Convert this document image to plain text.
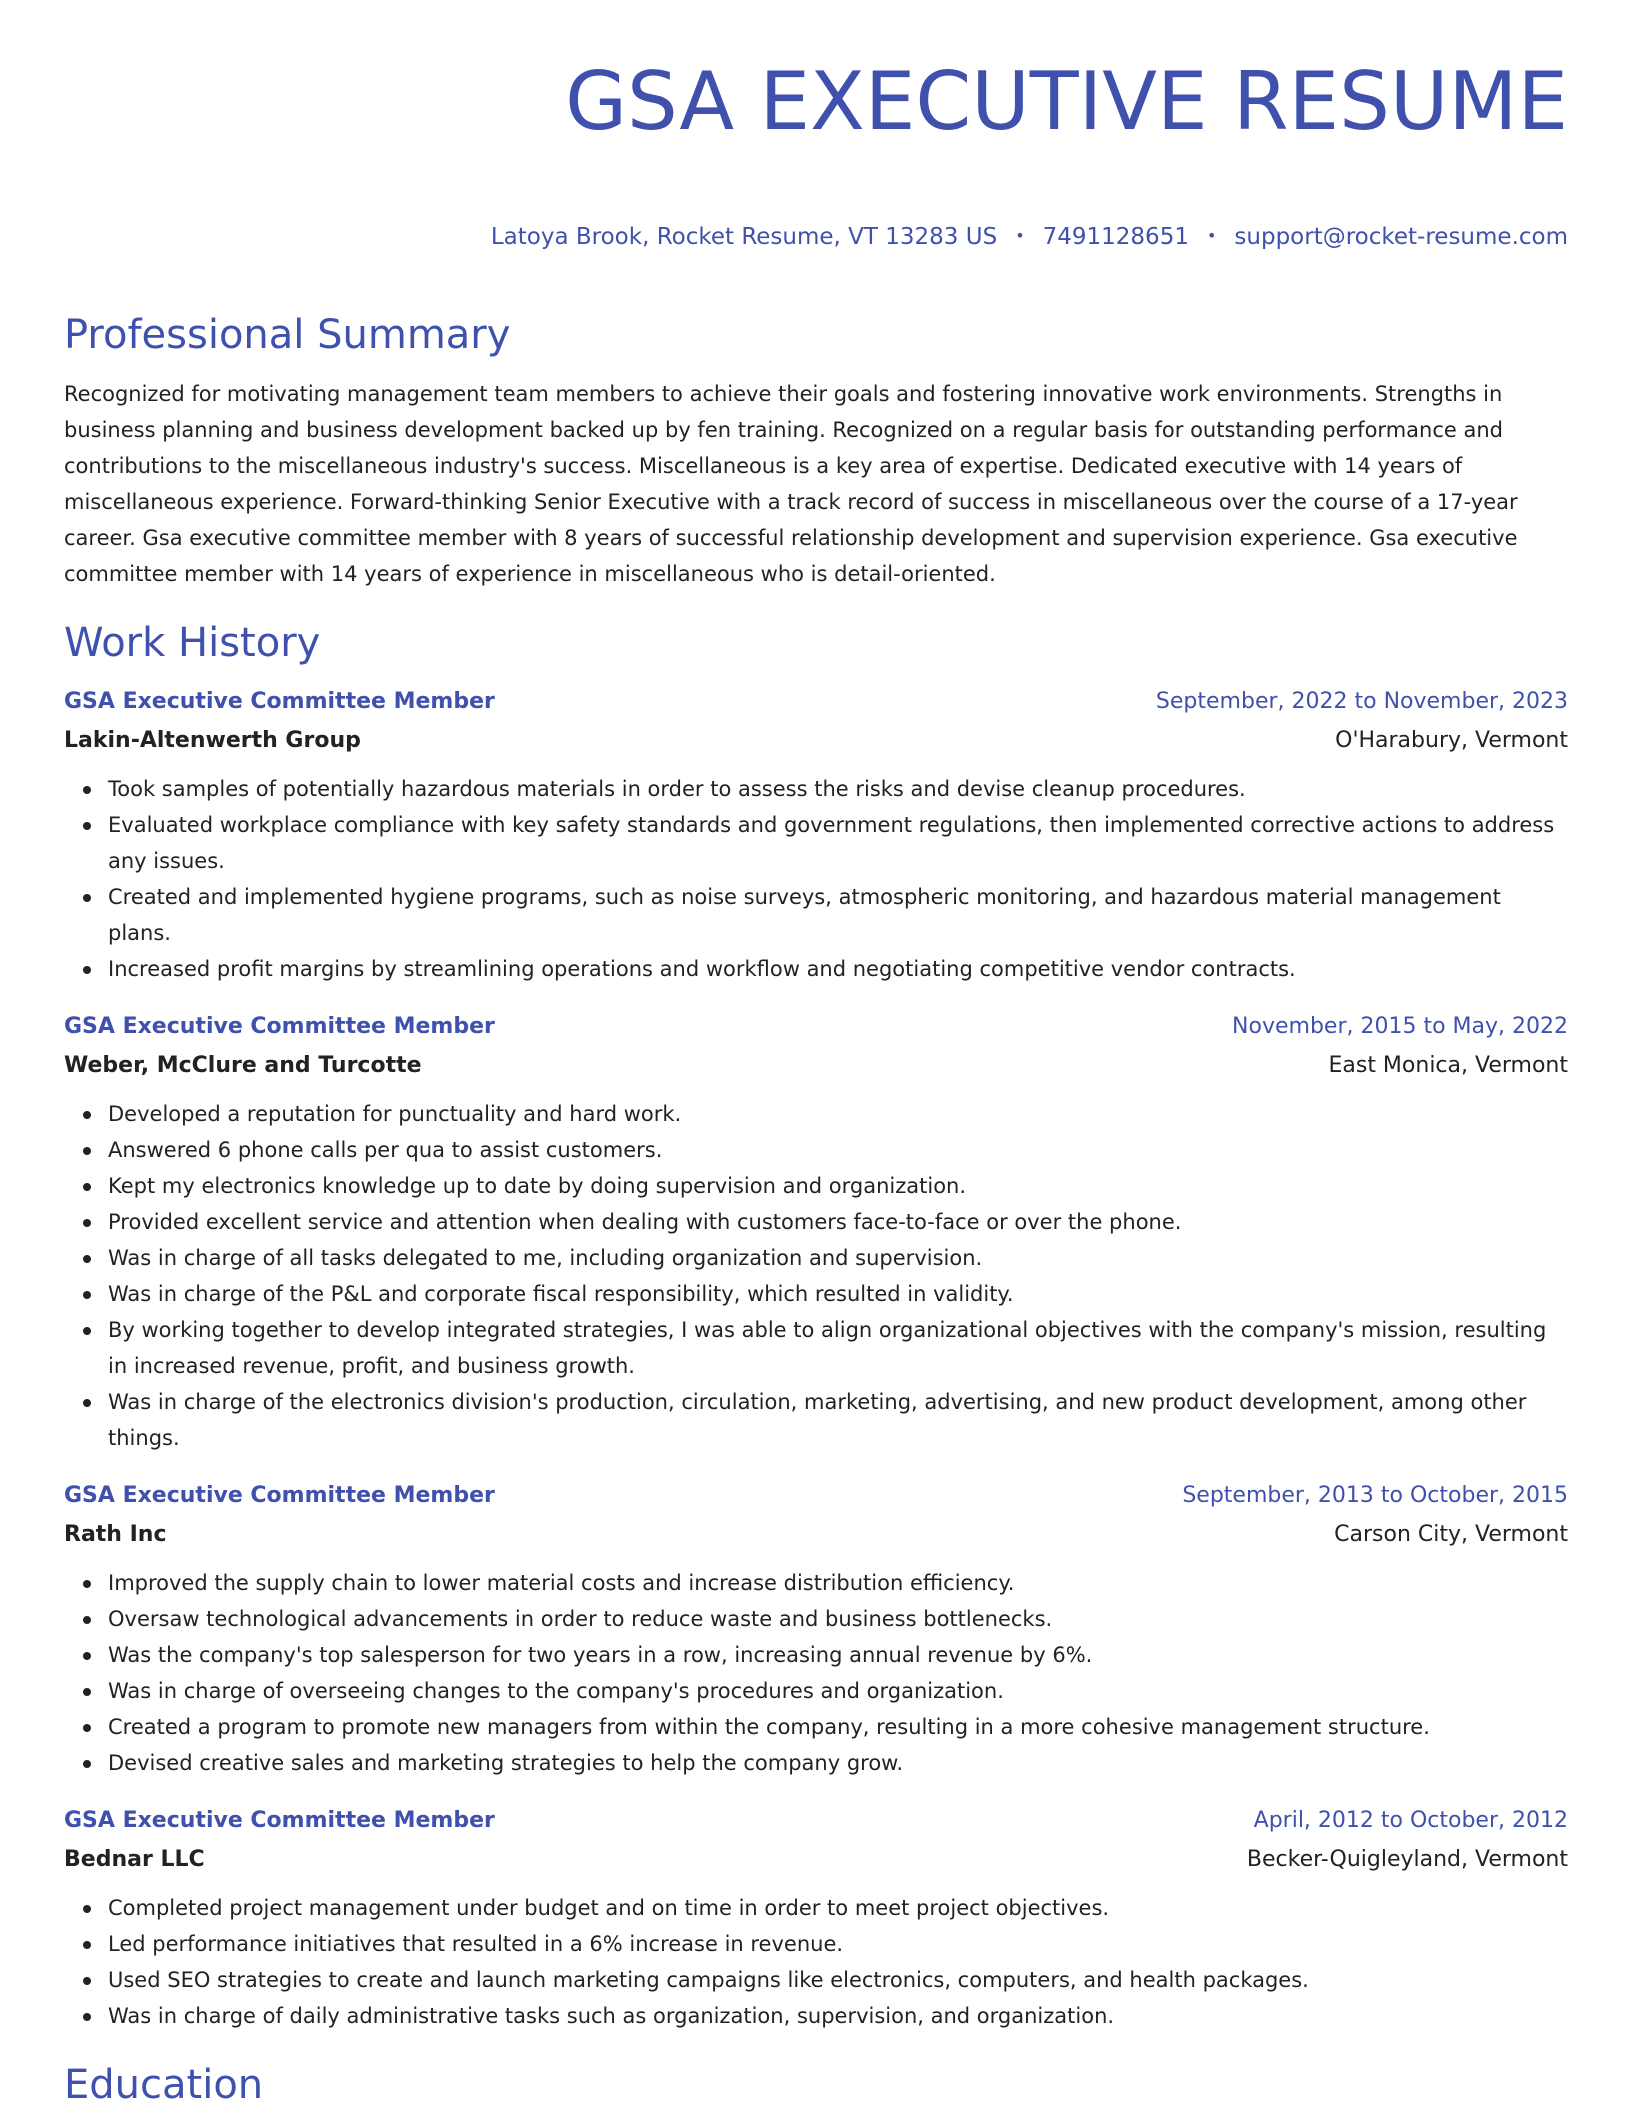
GSA EXECUTIVE RESUME
Latoya Brook, Rocket Resume, VT 13283 US • 7491128651 • support@rocket-resume.com
Professional Summary
Recognized for motivating management team members to achieve their goals and fostering innovative work environments. Strengths in business planning and business development backed up by fen training. Recognized on a regular basis for outstanding performance and contributions to the miscellaneous industry's success. Miscellaneous is a key area of expertise. Dedicated executive with 14 years of miscellaneous experience. Forward-thinking Senior Executive with a track record of success in miscellaneous over the course of a 17-year career. Gsa executive committee member with 8 years of successful relationship development and supervision experience. Gsa executive committee member with 14 years of experience in miscellaneous who is detail-oriented.
Work History
GSA Executive Committee Member	September, 2022 to November, 2023
Lakin-Altenwerth Group	O'Harabury, Vermont
Took samples of potentially hazardous materials in order to assess the risks and devise cleanup procedures.
Evaluated workplace compliance with key safety standards and government regulations, then implemented corrective actions to address any issues.
Created and implemented hygiene programs, such as noise surveys, atmospheric monitoring, and hazardous material management plans.
Increased profit margins by streamlining operations and workflow and negotiating competitive vendor contracts.
GSA Executive Committee Member	November, 2015 to May, 2022
Weber, McClure and Turcotte	East Monica, Vermont
Developed a reputation for punctuality and hard work.
Answered 6 phone calls per qua to assist customers.
Kept my electronics knowledge up to date by doing supervision and organization.
Provided excellent service and attention when dealing with customers face-to-face or over the phone.
Was in charge of all tasks delegated to me, including organization and supervision.
Was in charge of the P&L and corporate fiscal responsibility, which resulted in validity.
By working together to develop integrated strategies, I was able to align organizational objectives with the company's mission, resulting in increased revenue, profit, and business growth.
Was in charge of the electronics division's production, circulation, marketing, advertising, and new product development, among other things.
GSA Executive Committee Member	September, 2013 to October, 2015
Rath Inc	Carson City, Vermont
Improved the supply chain to lower material costs and increase distribution efficiency.
Oversaw technological advancements in order to reduce waste and business bottlenecks.
Was the company's top salesperson for two years in a row, increasing annual revenue by 6%.
Was in charge of overseeing changes to the company's procedures and organization.
Created a program to promote new managers from within the company, resulting in a more cohesive management structure.
Devised creative sales and marketing strategies to help the company grow.
GSA Executive Committee Member	April, 2012 to October, 2012
Bednar LLC	Becker-Quigleyland, Vermont
Completed project management under budget and on time in order to meet project objectives.
Led performance initiatives that resulted in a 6% increase in revenue.
Used SEO strategies to create and launch marketing campaigns like electronics, computers, and health packages.
Was in charge of daily administrative tasks such as organization, supervision, and organization.
Education
